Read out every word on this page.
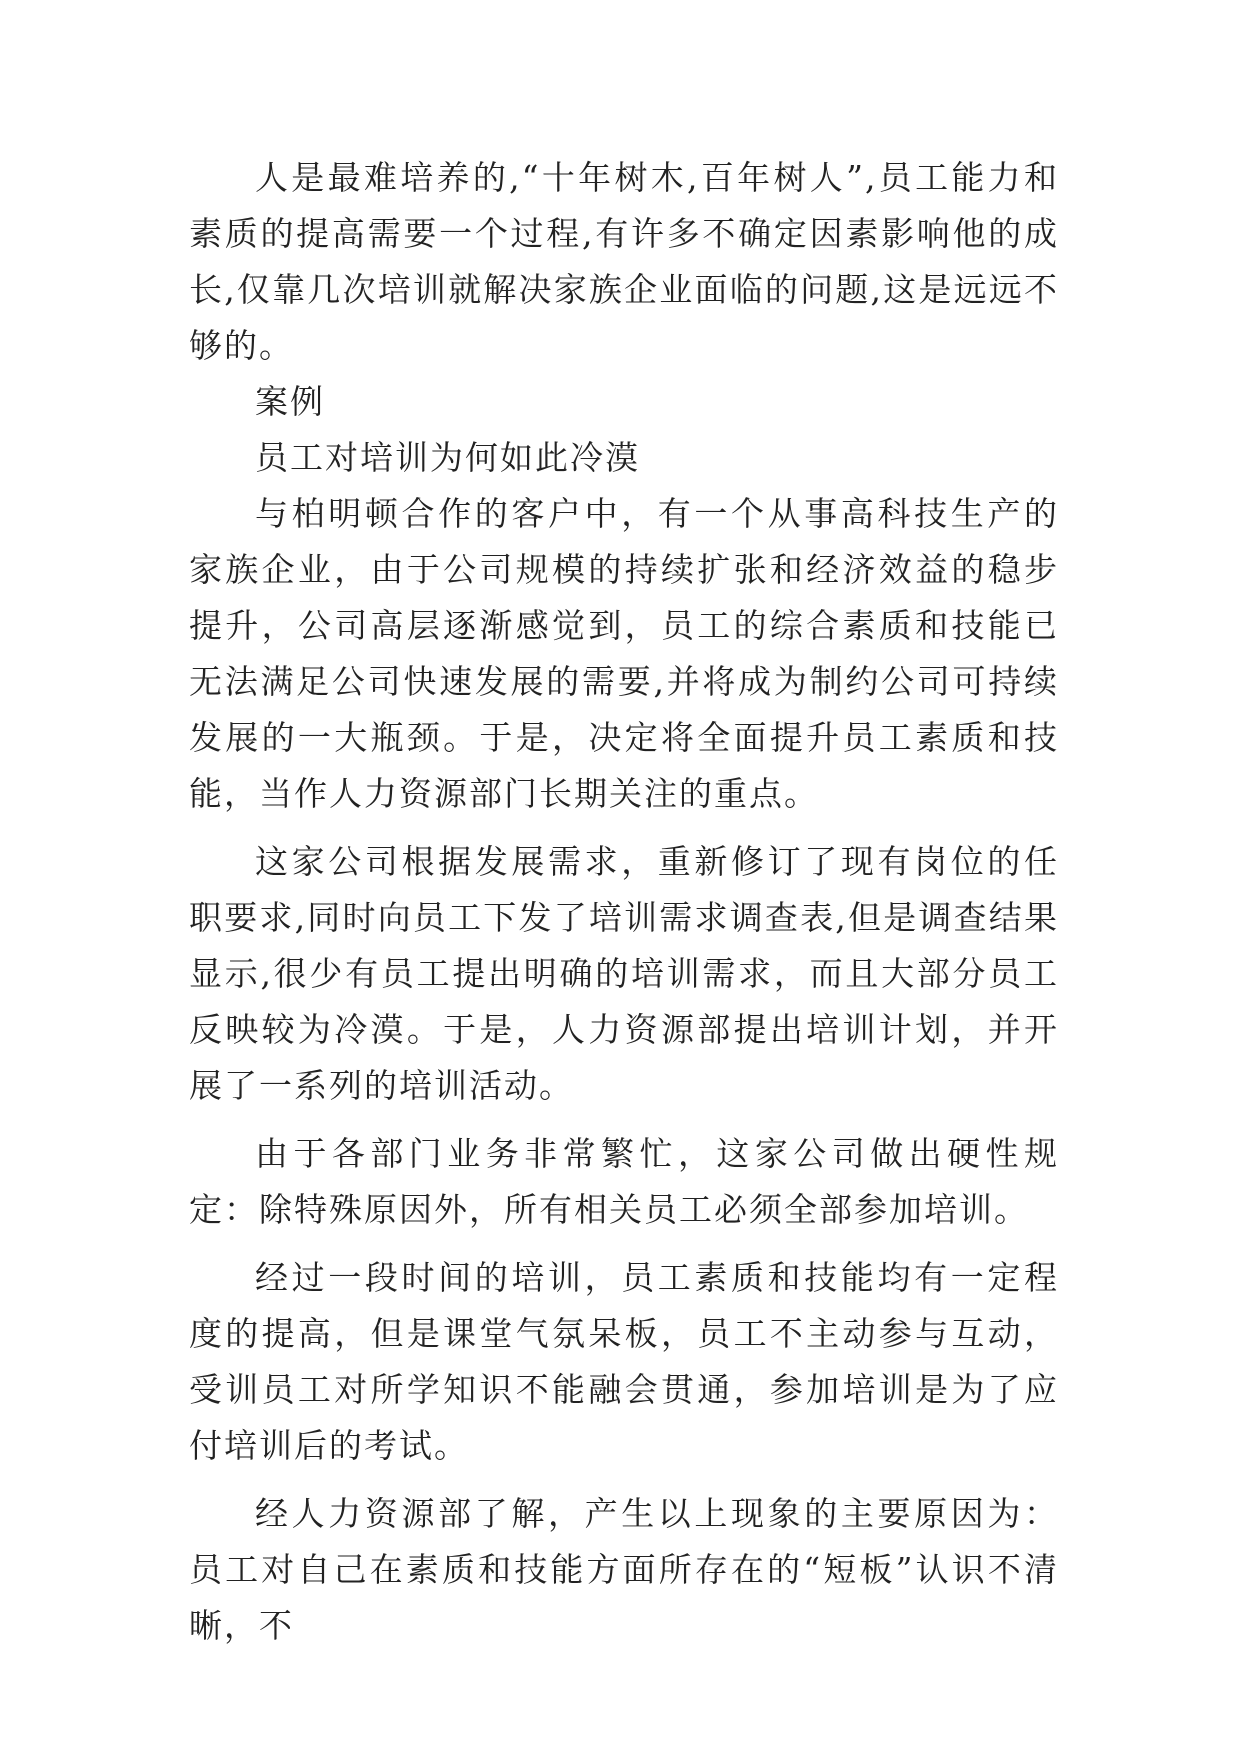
人是最难培养的,“十年树木,百年树人”,员工能力和素质的提高需要一个过程,有许多不确定因素影响他的成长,仅靠几次培训就解决家族企业面临的问题,这是远远不够的。

案例

员工对培训为何如此冷漠

与柏明顿合作的客户中，有一个从事高科技生产的家族企业，由于公司规模的持续扩张和经济效益的稳步提升，公司高层逐渐感觉到，员工的综合素质和技能已无法满足公司快速发展的需要,并将成为制约公司可持续发展的一大瓶颈。于是，决定将全面提升员工素质和技能，当作人力资源部门长期关注的重点。

这家公司根据发展需求，重新修订了现有岗位的任职要求,同时向员工下发了培训需求调查表,但是调查结果显示,很少有员工提出明确的培训需求，而且大部分员工反映较为冷漠。于是，人力资源部提出培训计划，并开展了一系列的培训活动。

由于各部门业务非常繁忙，这家公司做出硬性规定：除特殊原因外，所有相关员工必须全部参加培训。

经过一段时间的培训，员工素质和技能均有一定程度的提高，但是课堂气氛呆板，员工不主动参与互动，受训员工对所学知识不能融会贯通，参加培训是为了应付培训后的考试。

经人力资源部了解，产生以上现象的主要原因为：员工对自己在素质和技能方面所存在的“短板”认识不清晰，不
